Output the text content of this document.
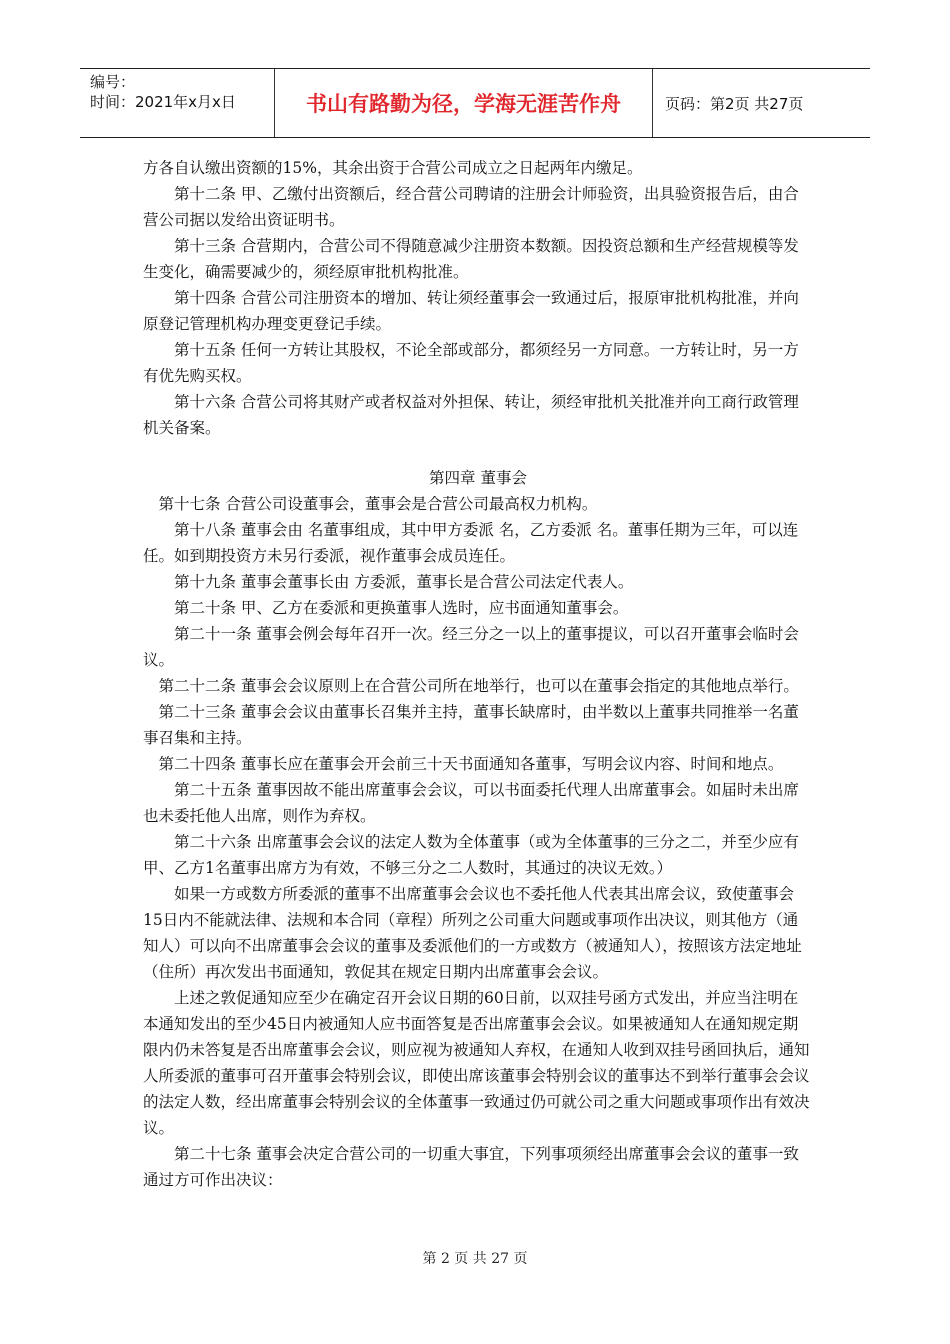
编号：
时间：2021年x月x日	书山有路勤为径，学海无涯苦作舟	页码：第2页 共27页

方各自认缴出资额的15%，其余出资于合营公司成立之日起两年内缴足。

第十二条 甲、乙缴付出资额后，经合营公司聘请的注册会计师验资，出具验资报告后，由合营公司据以发给出资证明书。

第十三条 合营期内，合营公司不得随意减少注册资本数额。因投资总额和生产经营规模等发生变化，确需要减少的，须经原审批机构批准。

第十四条 合营公司注册资本的增加、转让须经董事会一致通过后，报原审批机构批准，并向原登记管理机构办理变更登记手续。

第十五条 任何一方转让其股权，不论全部或部分，都须经另一方同意。一方转让时，另一方有优先购买权。

第十六条 合营公司将其财产或者权益对外担保、转让，须经审批机关批准并向工商行政管理机关备案。

第四章 董事会

第十七条 合营公司设董事会，董事会是合营公司最高权力机构。

第十八条 董事会由 名董事组成，其中甲方委派 名，乙方委派 名。董事任期为三年，可以连任。如到期投资方未另行委派，视作董事会成员连任。

第十九条 董事会董事长由 方委派，董事长是合营公司法定代表人。

第二十条 甲、乙方在委派和更换董事人选时，应书面通知董事会。

第二十一条 董事会例会每年召开一次。经三分之一以上的董事提议，可以召开董事会临时会议。

第二十二条 董事会会议原则上在合营公司所在地举行，也可以在董事会指定的其他地点举行。

第二十三条 董事会会议由董事长召集并主持，董事长缺席时，由半数以上董事共同推举一名董事召集和主持。

第二十四条 董事长应在董事会开会前三十天书面通知各董事，写明会议内容、时间和地点。

第二十五条 董事因故不能出席董事会会议，可以书面委托代理人出席董事会。如届时未出席也未委托他人出席，则作为弃权。

第二十六条 出席董事会会议的法定人数为全体董事（或为全体董事的三分之二，并至少应有甲、乙方1名董事出席方为有效，不够三分之二人数时，其通过的决议无效。）

如果一方或数方所委派的董事不出席董事会会议也不委托他人代表其出席会议，致使董事会15日内不能就法律、法规和本合同（章程）所列之公司重大问题或事项作出决议，则其他方（通知人）可以向不出席董事会会议的董事及委派他们的一方或数方（被通知人），按照该方法定地址（住所）再次发出书面通知，敦促其在规定日期内出席董事会会议。

上述之敦促通知应至少在确定召开会议日期的60日前，以双挂号函方式发出，并应当注明在本通知发出的至少45日内被通知人应书面答复是否出席董事会会议。如果被通知人在通知规定期限内仍未答复是否出席董事会会议，则应视为被通知人弃权，在通知人收到双挂号函回执后，通知人所委派的董事可召开董事会特别会议，即使出席该董事会特别会议的董事达不到举行董事会会议的法定人数，经出席董事会特别会议的全体董事一致通过仍可就公司之重大问题或事项作出有效决议。

第二十七条 董事会决定合营公司的一切重大事宜，下列事项须经出席董事会会议的董事一致通过方可作出决议：

第 2 页 共 27 页
